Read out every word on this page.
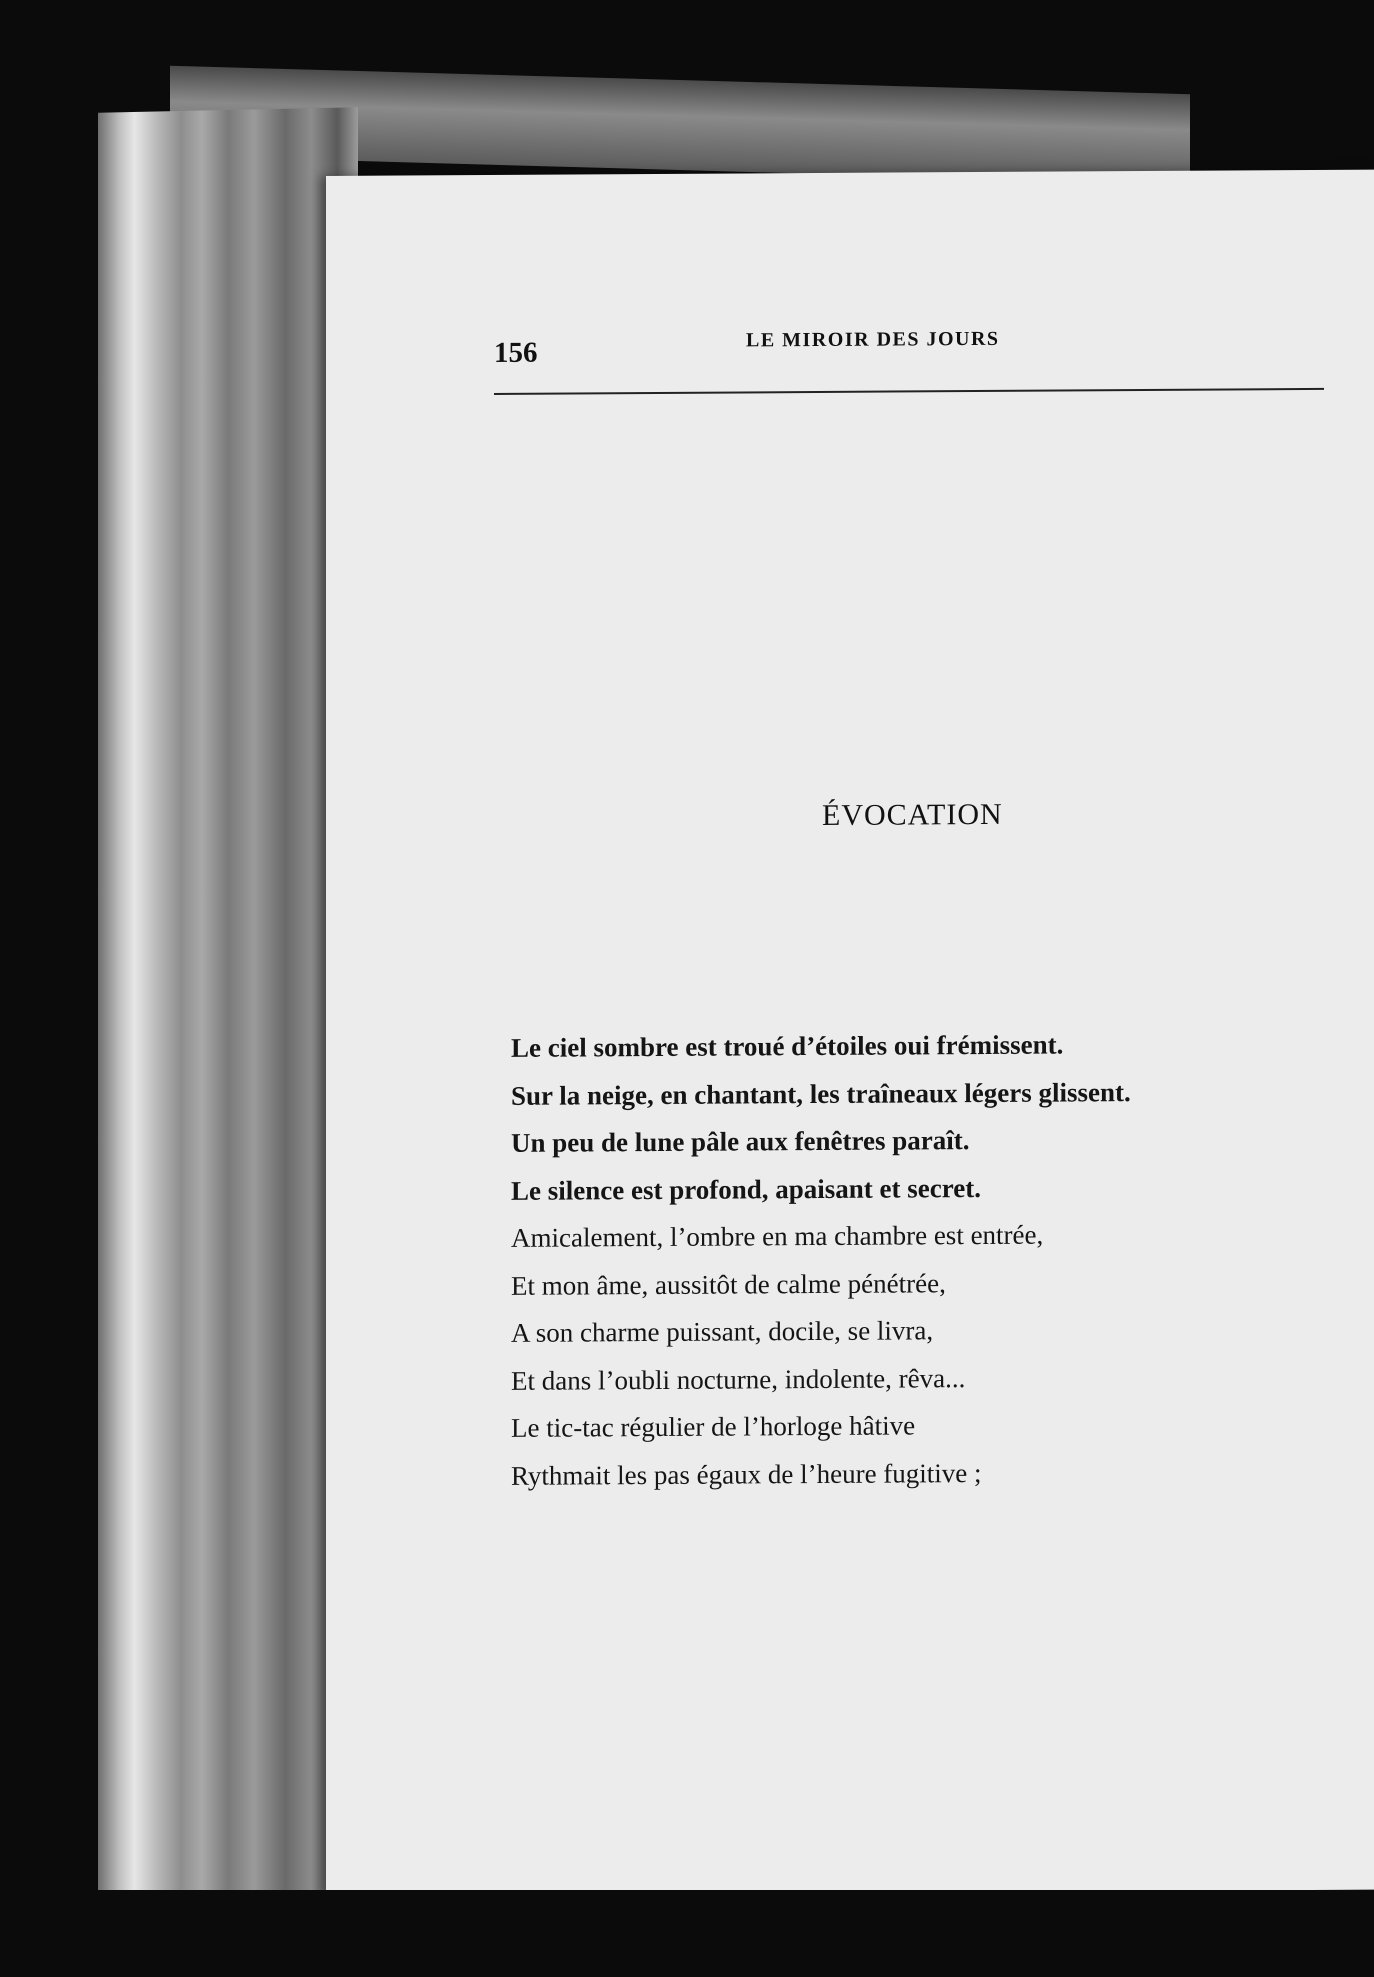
156	LE MIROIR DES JOURS
ÉVOCATION
Le ciel sombre est troué d’étoiles oui frémissent.
Sur la neige, en chantant, les traîneaux légers glissent.
Un peu de lune pâle aux fenêtres paraît.
Le silence est profond, apaisant et secret.
Amicalement, l’ombre en ma chambre est entrée,
Et mon âme, aussitôt de calme pénétrée,
A son charme puissant, docile, se livra,
Et dans l’oubli nocturne, indolente, rêva...
Le tic-tac régulier de l’horloge hâtive
Rythmait les pas égaux de l’heure fugitive ;
